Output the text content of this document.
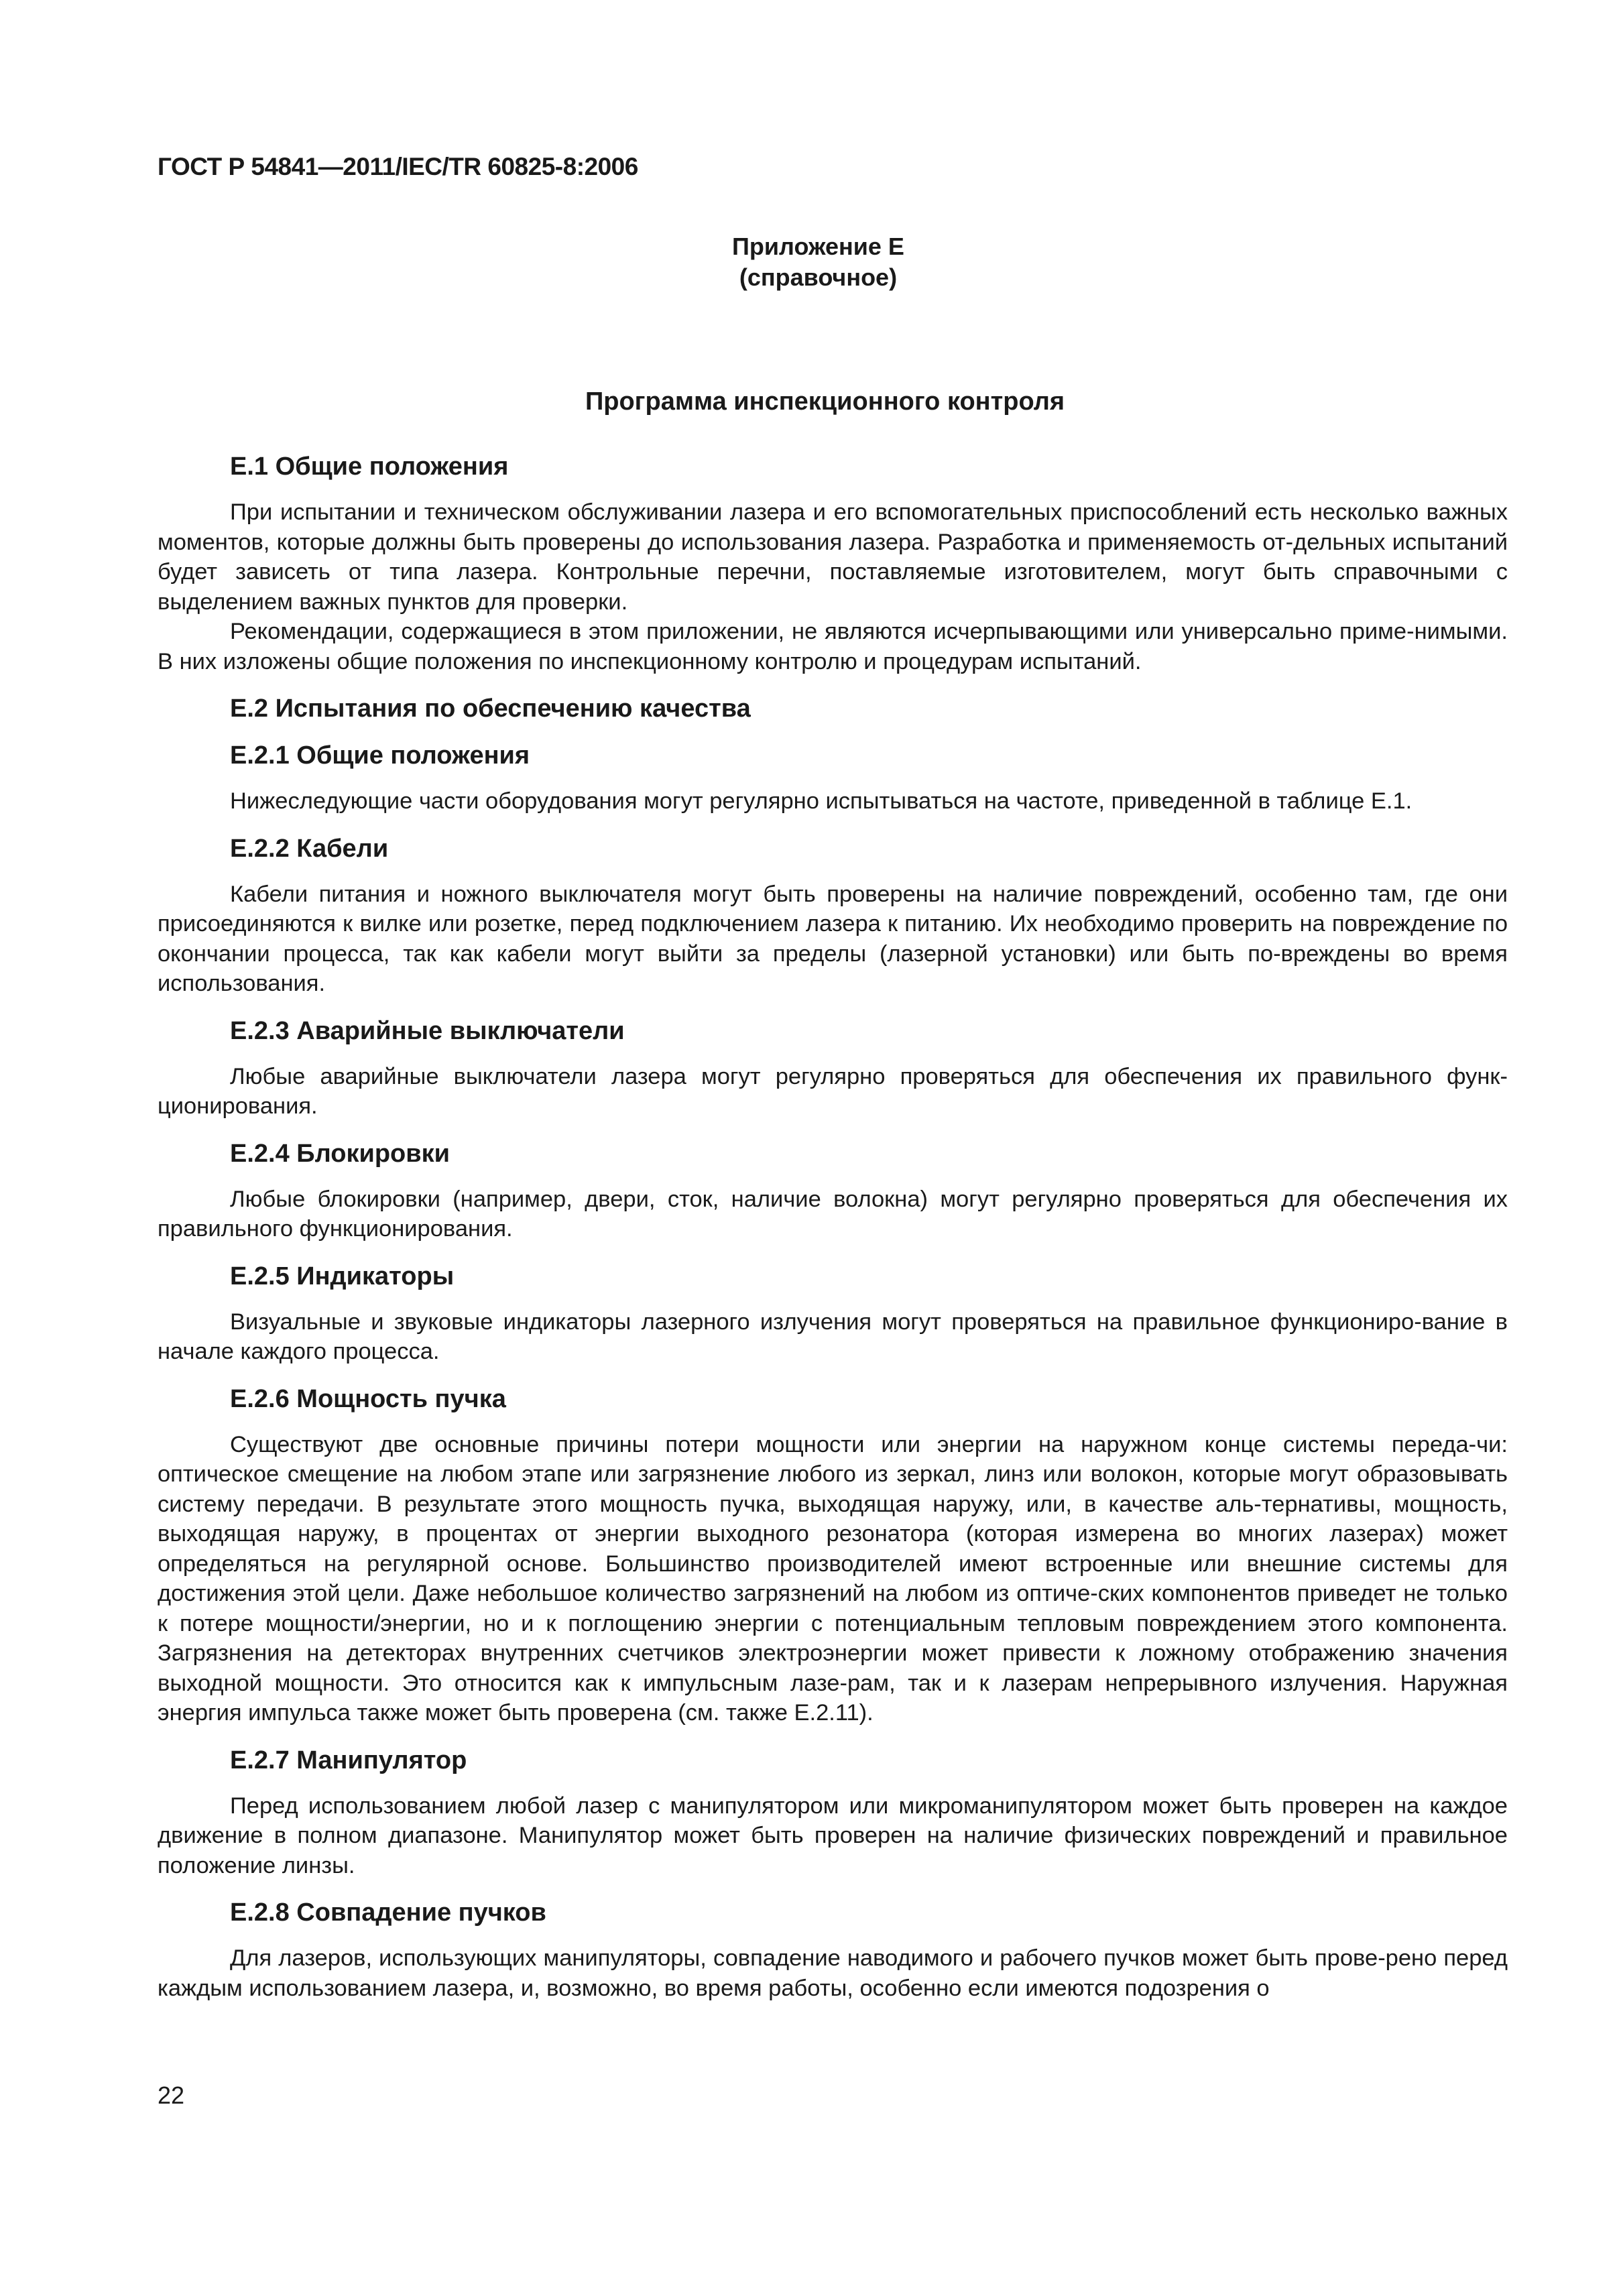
ГОСТ Р 54841—2011/IEC/TR 60825-8:2006
Приложение Е
(справочное)
Программа инспекционного контроля
Е.1 Общие положения

При испытании и техническом обслуживании лазера и его вспомогательных приспособлений есть несколько важных моментов, которые должны быть проверены до использования лазера. Разработка и применяемость от-дельных испытаний будет зависеть от типа лазера. Контрольные перечни, поставляемые изготовителем, могут быть справочными с выделением важных пунктов для проверки.

Рекомендации, содержащиеся в этом приложении, не являются исчерпывающими или универсально приме-нимыми. В них изложены общие положения по инспекционному контролю и процедурам испытаний.

Е.2 Испытания по обеспечению качества
Е.2.1 Общие положения

Нижеследующие части оборудования могут регулярно испытываться на частоте, приведенной в таблице Е.1.

Е.2.2 Кабели

Кабели питания и ножного выключателя могут быть проверены на наличие повреждений, особенно там, где они присоединяются к вилке или розетке, перед подключением лазера к питанию. Их необходимо проверить на повреждение по окончании процесса, так как кабели могут выйти за пределы (лазерной установки) или быть по-вреждены во время использования.

Е.2.3 Аварийные выключатели

Любые аварийные выключатели лазера могут регулярно проверяться для обеспечения их правильного функ-ционирования.

Е.2.4 Блокировки

Любые блокировки (например, двери, сток, наличие волокна) могут регулярно проверяться для обеспечения их правильного функционирования.

Е.2.5 Индикаторы

Визуальные и звуковые индикаторы лазерного излучения могут проверяться на правильное функциониро-вание в начале каждого процесса.

Е.2.6 Мощность пучка

Существуют две основные причины потери мощности или энергии на наружном конце системы переда-чи: оптическое смещение на любом этапе или загрязнение любого из зеркал, линз или волокон, которые могут образовывать систему передачи. В результате этого мощность пучка, выходящая наружу, или, в качестве аль-тернативы, мощность, выходящая наружу, в процентах от энергии выходного резонатора (которая измерена во многих лазерах) может определяться на регулярной основе. Большинство производителей имеют встроенные или внешние системы для достижения этой цели. Даже небольшое количество загрязнений на любом из оптиче-ских компонентов приведет не только к потере мощности/энергии, но и к поглощению энергии с потенциальным тепловым повреждением этого компонента. Загрязнения на детекторах внутренних счетчиков электроэнергии может привести к ложному отображению значения выходной мощности. Это относится как к импульсным лазе-рам, так и к лазерам непрерывного излучения. Наружная энергия импульса также может быть проверена (см. также Е.2.11).

Е.2.7 Манипулятор

Перед использованием любой лазер с манипулятором или микроманипулятором может быть проверен на каждое движение в полном диапазоне. Манипулятор может быть проверен на наличие физических повреждений и правильное положение линзы.

Е.2.8 Совпадение пучков

Для лазеров, использующих манипуляторы, совпадение наводимого и рабочего пучков может быть прове-рено перед каждым использованием лазера, и, возможно, во время работы, особенно если имеются подозрения о

22
